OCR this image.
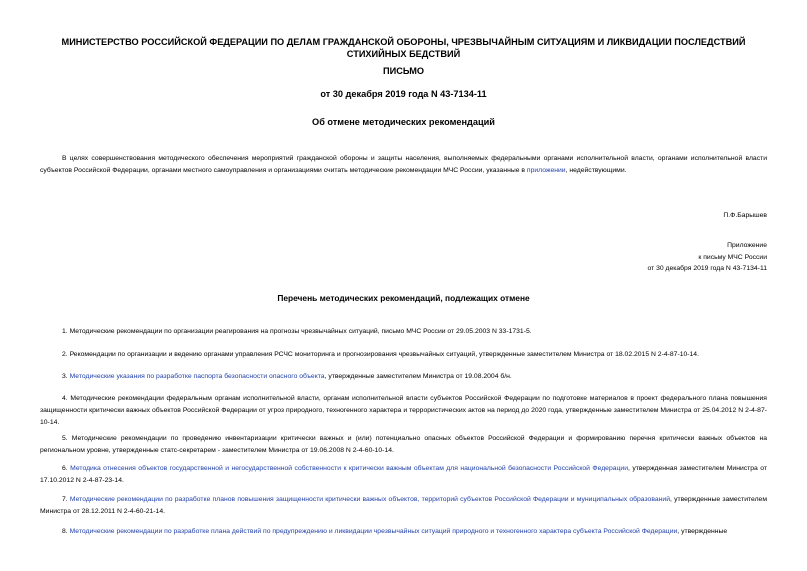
МИНИСТЕРСТВО РОССИЙСКОЙ ФЕДЕРАЦИИ ПО ДЕЛАМ ГРАЖДАНСКОЙ ОБОРОНЫ, ЧРЕЗВЫЧАЙНЫМ СИТУАЦИЯМ И ЛИКВИДАЦИИ ПОСЛЕДСТВИЙ СТИХИЙНЫХ БЕДСТВИЙ
ПИСЬМО
от 30 декабря 2019 года N 43-7134-11
Об отмене методических рекомендаций
В целях совершенствования методического обеспечения мероприятий гражданской обороны и защиты населения, выполняемых федеральными органами исполнительной власти, органами исполнительной власти субъектов Российской Федерации, органами местного самоуправления и организациями считать методические рекомендации МЧС России, указанные в приложении, недействующими.
П.Ф.Барышев
Приложение
к письму МЧС России
от 30 декабря 2019 года N 43-7134-11
Перечень методических рекомендаций, подлежащих отмене
1. Методические рекомендации по организации реагирования на прогнозы чрезвычайных ситуаций, письмо МЧС России от 29.05.2003 N 33-1731-5.
2. Рекомендации по организации и ведению органами управления РСЧС мониторинга и прогнозирования чрезвычайных ситуаций, утвержденные заместителем Министра от 18.02.2015 N 2-4-87-10-14.
3. Методические указания по разработке паспорта безопасности опасного объекта, утвержденные заместителем Министра от 19.08.2004 б/н.
4. Методические рекомендации федеральным органам исполнительной власти, органам исполнительной власти субъектов Российской Федерации по подготовке материалов в проект федерального плана повышения защищенности критически важных объектов Российской Федерации от угроз природного, техногенного характера и террористических актов на период до 2020 года, утвержденные заместителем Министра от 25.04.2012 N 2-4-87-10-14.
5. Методические рекомендации по проведению инвентаризации критически важных и (или) потенциально опасных объектов Российской Федерации и формированию перечня критически важных объектов на региональном уровне, утвержденные статс-секретарем - заместителем Министра от 19.06.2008 N 2-4-60-10-14.
6. Методика отнесения объектов государственной и негосударственной собственности к критически важным объектам для национальной безопасности Российской Федерации, утвержденная заместителем Министра от 17.10.2012 N 2-4-87-23-14.
7. Методические рекомендации по разработке планов повышения защищенности критически важных объектов, территорий субъектов Российской Федерации и муниципальных образований, утвержденные заместителем Министра от 28.12.2011 N 2-4-60-21-14.
8. Методические рекомендации по разработке плана действий по предупреждению и ликвидации чрезвычайных ситуаций природного и техногенного характера субъекта Российской Федерации, утвержденные
